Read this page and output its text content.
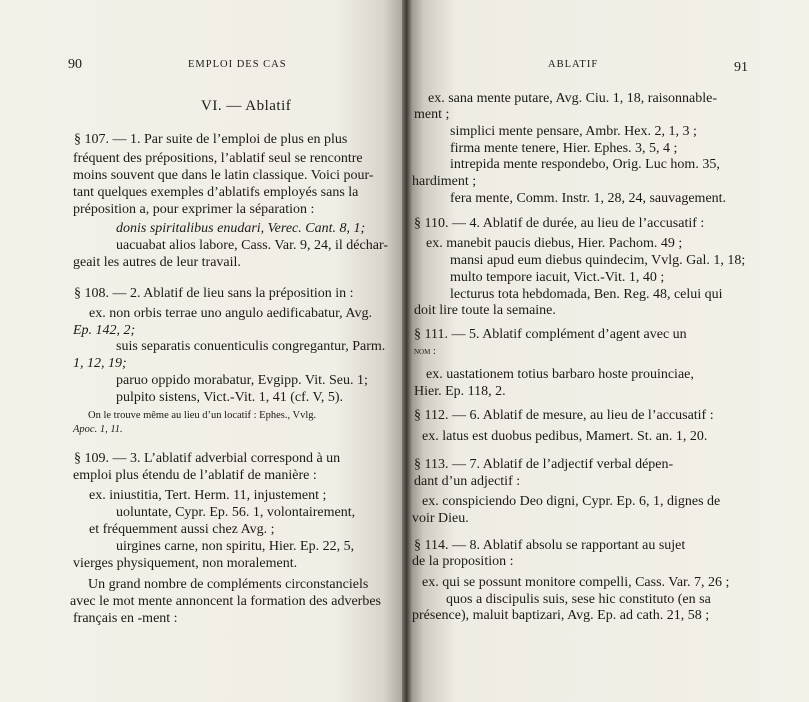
90	EMPLOI DES CAS
VI. — Ablatif
§ 107. — 1. Par suite de l’emploi de plus en plus
fréquent des prépositions, l’ablatif seul se rencontre
moins souvent que dans le latin classique. Voici pour-
tant quelques exemples d’ablatifs employés sans la
préposition a, pour exprimer la séparation :
donis spiritalibus enudari, Verec. Cant. 8, 1;
uacuabat alios labore, Cass. Var. 9, 24, il déchar-
geait les autres de leur travail.
§ 108. — 2. Ablatif de lieu sans la préposition in :
ex. non orbis terrae uno angulo aedificabatur, Avg.
Ep. 142, 2;
suis separatis conuenticulis congregantur, Parm.
1, 12, 19;
paruo oppido morabatur, Evgipp. Vit. Seu. 1;
pulpito sistens, Vict.-Vit. 1, 41 (cf. V, 5).
On le trouve même au lieu d’un locatif : Ephes., Vvlg.
Apoc. 1, 11.
§ 109. — 3. L’ablatif adverbial correspond à un
emploi plus étendu de l’ablatif de manière :
ex. iniustitia, Tert. Herm. 11, injustement ;
uoluntate, Cypr. Ep. 56. 1, volontairement,
et fréquemment aussi chez Avg. ;
uirgines carne, non spiritu, Hier. Ep. 22, 5,
vierges physiquement, non moralement.
Un grand nombre de compléments circonstanciels
avec le mot mente annoncent la formation des adverbes
français en -ment :
ABLATIF	91
ex. sana mente putare, Avg. Ciu. 1, 18, raisonnable-
ment ;
simplici mente pensare, Ambr. Hex. 2, 1, 3 ;
firma mente tenere, Hier. Ephes. 3, 5, 4 ;
intrepida mente respondebo, Orig. Luc hom. 35,
hardiment ;
fera mente, Comm. Instr. 1, 28, 24, sauvagement.
§ 110. — 4. Ablatif de durée, au lieu de l’accusatif :
ex. manebit paucis diebus, Hier. Pachom. 49 ;
mansi apud eum diebus quindecim, Vvlg. Gal. 1, 18;
multo tempore iacuit, Vict.-Vit. 1, 40 ;
lecturus tota hebdomada, Ben. Reg. 48, celui qui
doit lire toute la semaine.
§ 111. — 5. Ablatif complément d’agent avec un
nom :
ex. uastationem totius barbaro hoste prouinciae,
Hier. Ep. 118, 2.
§ 112. — 6. Ablatif de mesure, au lieu de l’accusatif :
ex. latus est duobus pedibus, Mamert. St. an. 1, 20.
§ 113. — 7. Ablatif de l’adjectif verbal dépen-
dant d’un adjectif :
ex. conspiciendo Deo digni, Cypr. Ep. 6, 1, dignes de
voir Dieu.
§ 114. — 8. Ablatif absolu se rapportant au sujet
de la proposition :
ex. qui se possunt monitore compelli, Cass. Var. 7, 26 ;
quos a discipulis suis, sese hic constituto (en sa
présence), maluit baptizari, Avg. Ep. ad cath. 21, 58 ;
